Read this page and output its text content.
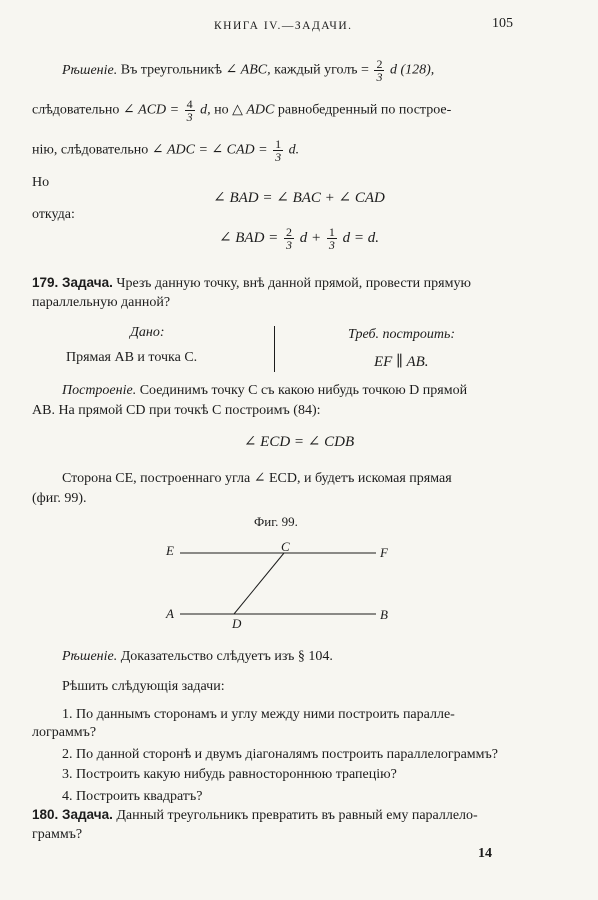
КНИГА IV.—ЗАДАЧИ.	105
Рѣшеніе. Въ треугольникѣ ∠ ABC, каждый уголъ = $\frac{2}{3}$ d (128),
слѣдовательно ∠ ACD = $\frac{4}{3} d$, но △ ADC равнобедренный по построе-
нію, слѣдовательно ∠ ADC = ∠ CAD = $\frac{1}{3} d$.
Но
∠ BAD = ∠ BAC + ∠ CAD
откуда:
∠ BAD = $\frac{2}{3}$ $d + \frac{1}{3}$ d = d.
179. Задача. Чрезъ данную точку, внѣ данной прямой, провести прямую
параллельную данной?
Дано:
Прямая AB и точка C.
Треб. построить:
EF ∥ AB.
Построеніе. Соединимъ точку C съ какою нибудь точкою D прямой
AB. На прямой CD при точкѣ C построимъ (84):
∠ ECD = ∠ CDB
Сторона CE, построеннаго угла ∠ ECD, и будетъ искомая прямая
(фиг. 99).
Фиг. 99.
E	C	F
A
D
B
Рѣшеніе. Доказательство слѣдуетъ изъ § 104.
Рѣшить слѣдующія задачи:
1. По даннымъ сторонамъ и углу между ними построить паралле-
лограммъ?
2. По данной сторонѣ и двумъ діагоналямъ построить параллелограммъ?
3. Построить какую нибудь равностороннюю трапецію?
4. Построить квадратъ?
180. Задача. Данный треугольникъ превратить въ равный ему параллело-
граммъ?
14
